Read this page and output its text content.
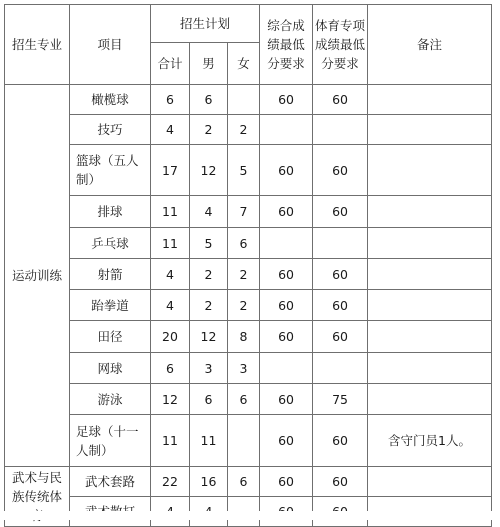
招生专业	项目	招生计划			综合成绩最低分要求	体育专项成绩最低分要求	备注
		合计	男	女			
运动训练	橄榄球	6	6		60	60	
	技巧	4	2	2			
	篮球（五人制）	17	12	5	60	60	
	排球	11	4	7	60	60	
	乒乓球	11	5	6			
	射箭	4	2	2	60	60	
	跆拳道	4	2	2	60	60	
	田径	20	12	8	60	60	
	网球	6	3	3			
	游泳	12	6	6	60	75	
	足球（十一人制）	11	11		60	60	含守门员1人。
武术与民族传统体	武术套路	22	16	6	60	60	
